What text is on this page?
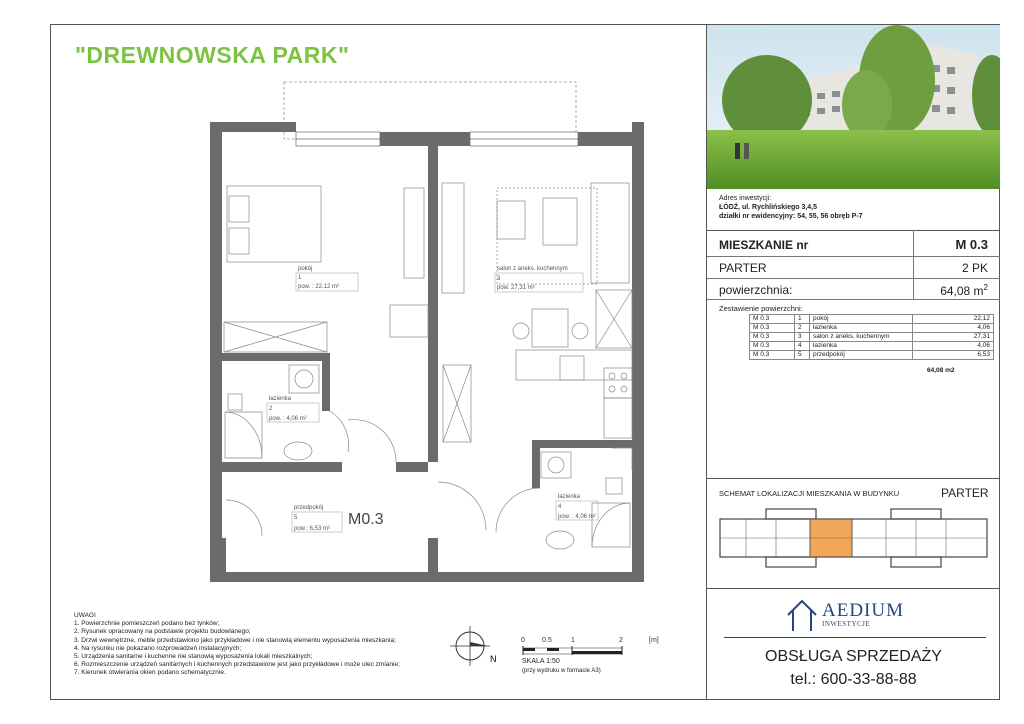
"DREWNOWSKA PARK"
pokój
1
pow. : 22,12 m²
łazienka
2
pow. : 4,06 m²
salon z aneks. kuchennym
3
pow. 27,31 m²
łazienka
4
pow. : 4,06 m²
przedpokój
5
pow.: 6,53 m²
M0.3
Adres inwestycji:
ŁÓDŹ, ul. Rychlińskiego 3,4,5
działki nr ewidencyjny: 54, 55, 56 obręb P-7
MIESZKANIE nr	M 0.3
PARTER	2 PK
powierzchnia:	64,08 $m^2$
Zestawienie powierzchni:
M 0.3	1	pokój	22,12
M 0.3	2	łazienka	4,06
M 0.3	3	salon z aneks. kuchennym	27,31
M 0.3	4	łazienka	4,06
M 0.3	5	przedpokój	6,53
64,08 m2
SCHEMAT LOKALIZACJI MIESZKANIA W BUDYNKU	PARTER
AEDIUM
INWESTYCJE
OBSŁUGA SPRZEDAŻY
tel.: 600-33-88-88
UWAGI
1. Powierzchnie pomieszczeń podano bez tynków;
2. Rysunek opracowany na podstawie projektu budowlanego;
3. Drzwi wewnętrzne, meble przedstawiono jako przykładowe i nie stanowią elementu wyposażenia mieszkania;
4. Na rysunku nie pokazano rozprowadzeń instalacyjnych;
5. Urządzenia sanitarne i kuchenne nie stanowią wyposażenia lokali mieszkalnych;
6. Rozmieszczenie urządzeń sanitarnych i kuchennych przedstawione jest jako przykładowe i może ulec zmianie;
7. Kierunek otwierania okien podano schematycznie.
N
0 0.5	1	2	[m]
SKALA 1:50
(przy wydruku w formacie A3)
